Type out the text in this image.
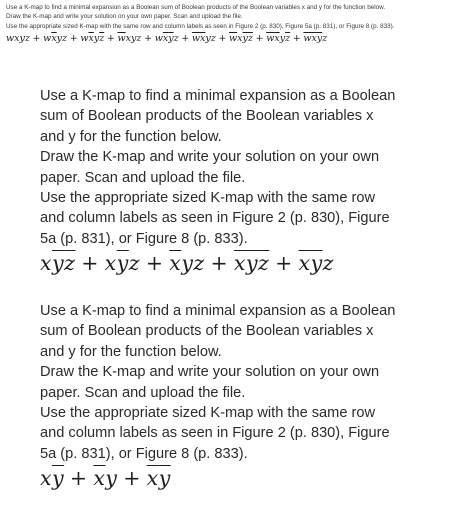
Use a K-map to find a minimal expansion as a Boolean sum of Boolean products of the Boolean variables x and y for the function below.

Draw the K-map and write your solution on your own paper. Scan and upload the file.

Use the appropriate sized K-map with the same row and column labels as seen in Figure 2 (p. 830), Figure 5a (p. 831), or Figure 8 (p. 833).

wxyz + $w\overline{x}yz + w\overline{x}y\overline{z} + \overline{w}xyz + w\overline{x}\overline{y}z + \overline{w}\overline{x}yz + \overline{w}x\overline{y}\overline{z} + \overline{w}\overline{x}y\overline{z} + \overline{w}\overline{x}\overline{y}z$

Use a K-map to find a minimal expansion as a Boolean

sum of Boolean products of the Boolean variables x

and y for the function below.

Draw the K-map and write your solution on your own

paper. Scan and upload the file.

Use the appropriate sized K-map with the same row

and column labels as seen in Figure 2 (p. 830), Figure

5a (p. 831), or Figure 8 (p. 833).

$x\overline{y}\overline{z} + x\overline{y}z + \overline{x}yz + \overline{x}\overline{y}\overline{z} + \overline{x}\overline{y}z$

Use a K-map to find a minimal expansion as a Boolean

sum of Boolean products of the Boolean variables x

and y for the function below.

Draw the K-map and write your solution on your own

paper. Scan and upload the file.

Use the appropriate sized K-map with the same row

and column labels as seen in Figure 2 (p. 830), Figure

5a (p. 831), or Figure 8 (p. 833).

$x\overline{y} + \overline{x}y + \overline{x}\overline{y}$
